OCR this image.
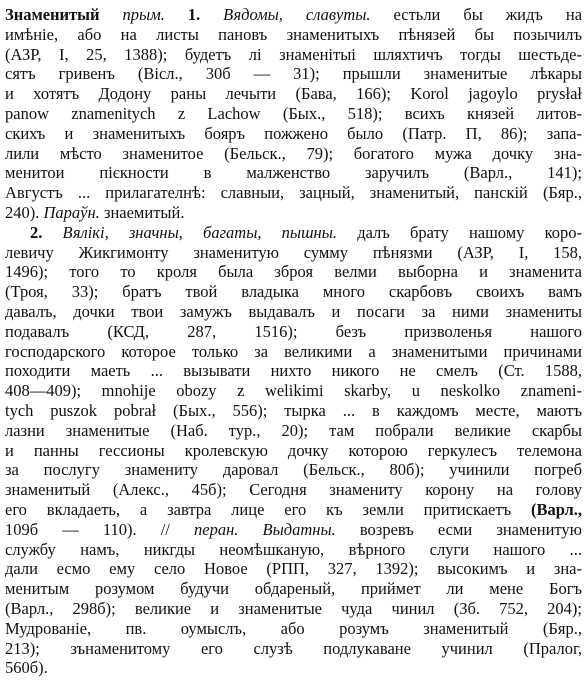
Знаменитый прым. 1. Вядомы, славуты. естьли бы жидъ на
имѣніе, або на листы пановъ знаменитыхъ пѣнязей бы позычилъ
(АЗР, І, 25, 1388); будетъ лі знаменітыі шляхтичъ тогды шестьде-
сятъ гривенъ (Віcл., 30б — 31); прышли знаменитые лѣкары
и хотятъ Додону раны лечыти (Бава, 166); Korol jagoylo prysłał
panow znamenitych z Lachow (Бых., 518); всихъ князей литов-
скихъ и знаменитыхъ бояръ пожжено было (Патр. П, 86); запа-
лили мѣсто знаменитое (Бельск., 79); богатого мужа дочку зна-
менитои пієкности в малженство заручилъ (Варл., 141);
Августъ ... прилагателнѣ: славныи, зацный, знаменитый, панскій (Бяр.,
240). Параўн. знаемитый.
2. Вялікі, значны, багаты, пышны. далъ брату нашому коро-
левичу Жикгимонту знаменитую сумму пѣнязми (АЗР, І, 158,
1496); того то кроля была зброя велми выборна и знаменита
(Троя, 33); братъ твой владыка много скарбовъ своихъ вамъ
давалъ, дочки твои замужъ выдавалъ и посаги за ними знамениты
подавалъ (КСД, 287, 1516); безъ призволенья нашого
господарского которое только за великими а знаменитыми причинами
походити маеть ... вызывати нихто никого не смелъ (Ст. 1588,
408—409); mnohije obozy z welikimi skarby, u neskolko znameni-
tych puszok pobrał (Бых., 556); тырка ... в каждомъ месте, маютъ
лазни знаменитые (Наб. тур., 20); там побрали великие скарбы
и панны гессионы кролевскую дочку которою геркулесъ телемона
за послугу знамениту даровал (Бельск., 80б); учинили погреб
знаменитый (Алекс., 45б); Сегодня знамениту корону на голову
его вкладаеть, а завтра лице его къ земли притискаетъ (Варл.,
109б — 110). // перан. Выдатны. возревъ есми знаменитую
службу намъ, никгды неомѣшканую, вѣрного слуги нашого ...
дали есмо ему село Новое (РПП, 327, 1392); высокимъ и зна-
менитым розумом будучи обдареный, приймет ли мене Богъ
(Варл., 298б); великие и знаменитые чуда чинил (Зб. 752, 204);
Мудрованіе, пв. оумыслъ, або розумъ знаменитый (Бяр.,
213); зънаменитому его слузѣ подлукаване учинил (Пралог,
560б).
